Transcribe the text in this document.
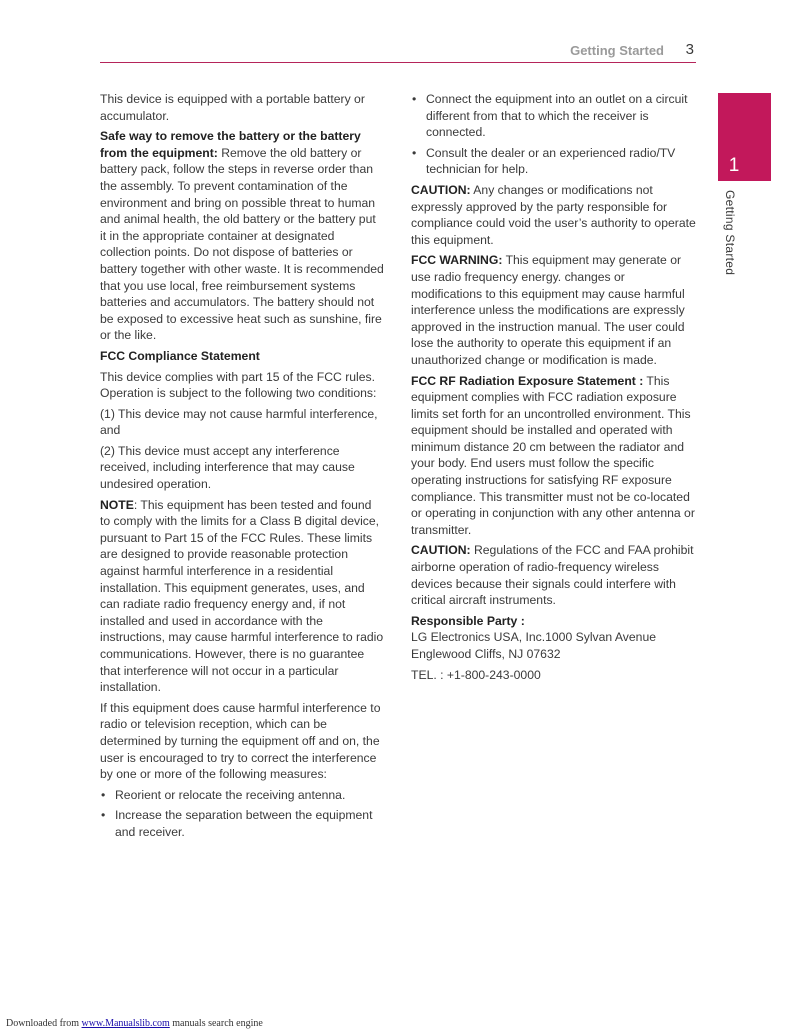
Getting Started 3
1
Getting Started

This device is equipped with a portable battery or accumulator.

Safe way to remove the battery or the battery from the equipment: Remove the old battery or battery pack, follow the steps in reverse order than the assembly. To prevent contamination of the environment and bring on possible threat to human and animal health, the old battery or the battery put it in the appropriate container at designated collection points. Do not dispose of batteries or battery together with other waste. It is recommended that you use local, free reimbursement systems batteries and accumulators. The battery should not be exposed to excessive heat such as sunshine, fire or the like.

FCC Compliance Statement

This device complies with part 15 of the FCC rules. Operation is subject to the following two conditions:

(1) This device may not cause harmful interference, and

(2) This device must accept any interference received, including interference that may cause undesired operation.

NOTE: This equipment has been tested and found to comply with the limits for a Class B digital device, pursuant to Part 15 of the FCC Rules. These limits are designed to provide reasonable protection against harmful interference in a residential installation. This equipment generates, uses, and can radiate radio frequency energy and, if not installed and used in accordance with the instructions, may cause harmful interference to radio communications. However, there is no guarantee that interference will not occur in a particular installation.

If this equipment does cause harmful interference to radio or television reception, which can be determined by turning the equipment off and on, the user is encouraged to try to correct the interference by one or more of the following measures:

• Reorient or relocate the receiving antenna.
• Increase the separation between the equipment and receiver.
• Connect the equipment into an outlet on a circuit different from that to which the receiver is connected.
• Consult the dealer or an experienced radio/TV technician for help.

CAUTION: Any changes or modifications not expressly approved by the party responsible for compliance could void the user’s authority to operate this equipment.

FCC WARNING: This equipment may generate or use radio frequency energy. changes or modifications to this equipment may cause harmful interference unless the modifications are expressly approved in the instruction manual. The user could lose the authority to operate this equipment if an unauthorized change or modification is made.

FCC RF Radiation Exposure Statement : This equipment complies with FCC radiation exposure limits set forth for an uncontrolled environment. This equipment should be installed and operated with minimum distance 20 cm between the radiator and your body. End users must follow the specific operating instructions for satisfying RF exposure compliance. This transmitter must not be co-located or operating in conjunction with any other antenna or transmitter.

CAUTION: Regulations of the FCC and FAA prohibit airborne operation of radio-frequency wireless devices because their signals could interfere with critical aircraft instruments.

Responsible Party :

LG Electronics USA, Inc.1000 Sylvan Avenue
Englewood Cliffs, NJ 07632

TEL. : +1-800-243-0000

Downloaded from www.Manualslib.com manuals search engine
